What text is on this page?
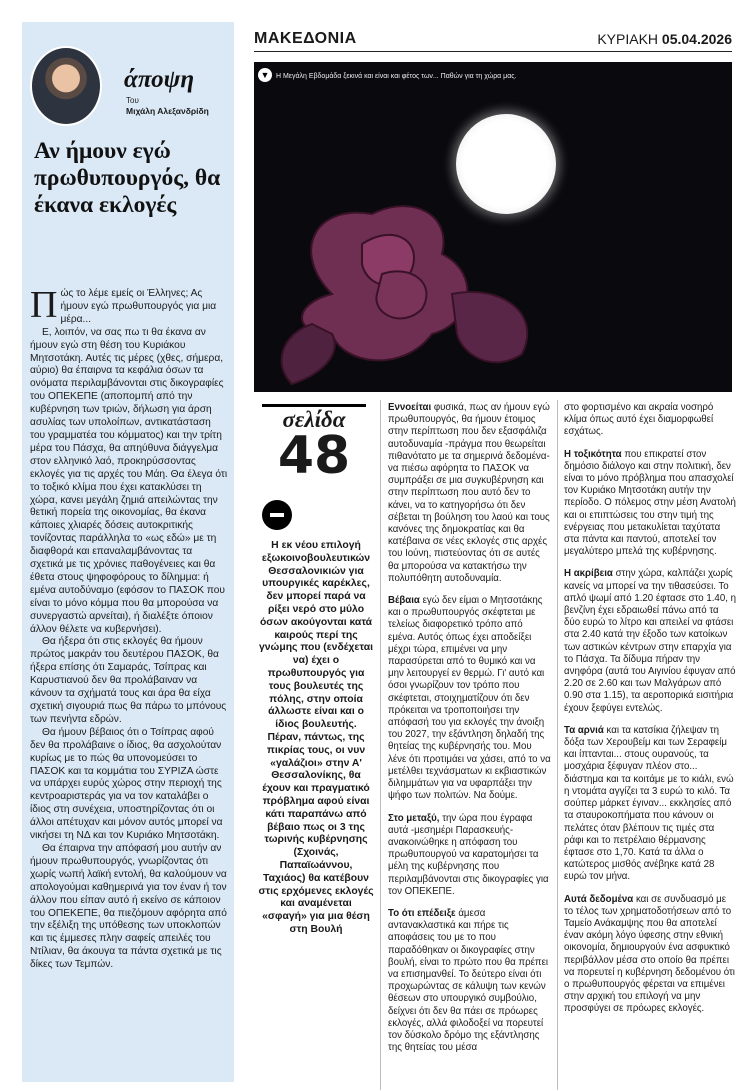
άποψη
Του
Μιχάλη Αλεξανδρίδη
Αν ήμουν εγώ πρωθυπουργός, θα έκανα εκλογές

Πώς το λέμε εμείς οι Έλληνες; Ας ήμουν εγώ πρωθυπουργός για μια μέρα...

Ε, λοιπόν, να σας πω τι θα έκανα αν ήμουν εγώ στη θέση του Κυριάκου Μητσοτάκη. Αυτές τις μέρες (χθες, σήμερα, αύριο) θα έπαιρνα τα κεφάλια όσων τα ονόματα περιλαμβάνονται στις δικογραφίες του ΟΠΕΚΕΠΕ (αποπομπή από την κυβέρνηση των τριών, δήλωση για άρση ασυλίας των υπολοίπων, αντικατάσταση του γραμματέα του κόμματος) και την τρίτη μέρα του Πάσχα, θα απηύθυνα διάγγελμα στον ελληνικό λαό, προκηρύσσοντας εκλογές για τις αρχές του Μάη. Θα έλεγα ότι το τοξικό κλίμα που έχει κατακλύσει τη χώρα, κανει μεγάλη ζημιά απειλώντας την θετική πορεία της οικονομίας, θα έκανα κάποιες χλιαρές δόσεις αυτοκριτικής τονίζοντας παράλληλα το «ως εδώ» με τη διαφθορά και επαναλαμβάνοντας τα σχετικά με τις χρόνιες παθογένειες και θα έθετα στους ψηφοφόρους το δίλημμα: ή εμένα αυτοδύναμο (εφόσον το ΠΑΣΟΚ που είναι το μόνο κόμμα που θα μπορούσα να συνεργαστώ αρνείται), ή διαλέξτε όποιον άλλον θέλετε να κυβερνήσει).

Θα ήξερα ότι στις εκλογές θα ήμουν πρώτος μακράν του δευτέρου ΠΑΣΟΚ, θα ήξερα επίσης ότι Σαμαράς, Τσίπρας και Καρυστιανού δεν θα προλάβαιναν να κάνουν τα σχήματά τους και άρα θα είχα σχετική σιγουριά πως θα πάρω το μπόνους των πενήντα εδρών.

Θα ήμουν βέβαιος ότι ο Τσίπρας αφού δεν θα προλάβαινε ο ίδιος, θα ασχολούταν κυρίως με το πώς θα υπονομεύσει το ΠΑΣΟΚ και τα κομμάτια του ΣΥΡΙΖΑ ώστε να υπάρχει ευρύς χώρος στην περιοχή της κεντροαριστεράς για να τον καταλάβει ο ίδιος στη συνέχεια, υποστηρίζοντας ότι οι άλλοι απέτυχαν και μόνον αυτός μπορεί να νικήσει τη ΝΔ και τον Κυριάκο Μητσοτάκη.

Θα έπαιρνα την απόφασή μου αυτήν αν ήμουν πρωθυπουργός, γνωρίζοντας ότι χωρίς νωπή λαϊκή εντολή, θα καλούμουν να απολογούμαι καθημερινά για τον έναν ή τον άλλον που είπαν αυτό ή εκείνο σε κάποιον του ΟΠΕΚΕΠΕ, θα πιεζόμουν αφόρητα από την εξέλιξη της υπόθεσης των υποκλοπών και τις έμμεσες πλην σαφείς απειλές του Ντίλιαν, θα άκουγα τα πάντα σχετικά με τις δίκες των Τεμπών.

ΜΑΚΕΔΟΝΙΑ	ΚΥΡΙΑΚΗ 05.04.2026
▼ Η Μεγάλη Εβδομάδα ξεκινά και είναι και φέτος των... Παθών για τη χώρα μας.
σελίδα
48
Η εκ νέου επιλογή εξωκοινοβουλευτικών Θεσσαλονικιών για υπουργικές καρέκλες, δεν μπορεί παρά να ρίξει νερό στο μύλο όσων ακούγονται κατά καιρούς περί της γνώμης που (ενδέχεται να) έχει ο πρωθυπουργός για τους βουλευτές της πόλης, στην οποία άλλωστε είναι και ο ίδιος βουλευτής. Πέραν, πάντως, της πικρίας τους, οι νυν «γαλάζιοι» στην Α' Θεσσαλονίκης, θα έχουν και πραγματικό πρόβλημα αφού είναι κάτι παραπάνω από βέβαιο πως οι 3 της τωρινής κυβέρνησης (Σχοινάς, Παπαϊωάννου, Ταχιάος) θα κατέβουν στις ερχόμενες εκλογές και αναμένεται «σφαγή» για μια θέση στη Βουλή

Εννοείται φυσικά, πως αν ήμουν εγώ πρωθυπουργός, θα ήμουν έτοιμος στην περίπτωση που δεν εξασφάλιζα αυτοδυναμία -πράγμα που θεωρείται πιθανότατο με τα σημερινά δεδομένα- να πιέσω αφόρητα το ΠΑΣΟΚ να συμπράξει σε μια συγκυβέρνηση και στην περίπτωση που αυτό δεν το κάνει, να το κατηγορήσω ότι δεν σέβεται τη βούληση του λαού και τους κανόνες της δημοκρατίας και θα κατέβαινα σε νέες εκλογές στις αρχές του Ιούνη, πιστεύοντας ότι σε αυτές θα μπορούσα να κατακτήσω την πολυπόθητη αυτοδυναμία.

Βέβαια εγώ δεν είμαι ο Μητσοτάκης και ο πρωθυπουργός σκέφτεται με τελείως διαφορετικό τρόπο από εμένα. Αυτός όπως έχει αποδείξει μέχρι τώρα, επιμένει να μην παρασύρεται από το θυμικό και να μην λειτουργεί εν θερμώ. Γι' αυτό και όσοι γνωρίζουν τον τρόπο που σκέφτεται, στοιχηματίζουν ότι δεν πρόκειται να τροποποιήσει την απόφασή του για εκλογές την άνοιξη του 2027, την εξάντληση δηλαδή της θητείας της κυβέρνησής του. Μου λένε ότι προτιμάει να χάσει, από το να μετέλθει τεχνάσματων κι εκβιαστικών διλημμάτων για να υφαρπάξει την ψήφο των πολιτών. Να δούμε.

Στο μεταξύ, την ώρα που έγραφα αυτά -μεσημέρι Παρασκευής- ανακοινώθηκε η απόφαση του πρωθυπουργού να καρατομήσει τα μέλη της κυβέρνησης που περιλαμβάνονται στις δικογραφίες για τον ΟΠΕΚΕΠΕ.

Το ότι επέδειξε άμεσα αντανακλαστικά και πήρε τις αποφάσεις του με το που παραδόθηκαν οι δικογραφίες στην βουλή, είναι το πρώτο που θα πρέπει να επισημανθεί. Το δεύτερο είναι ότι προχωρώντας σε κάλυψη των κενών θέσεων στο υπουργικό συμβούλιο, δείχνει ότι δεν θα πάει σε πρόωρες εκλογές, αλλά φιλοδοξεί να πορευτεί τον δύσκολο δρόμο της εξάντλησης της θητείας του μέσα

στο φορτισμένο και ακραία νοσηρό κλίμα όπως αυτό έχει διαμορφωθεί εσχάτως.

Η τοξικότητα που επικρατεί στον δημόσιο διάλογο και στην πολιτική, δεν είναι το μόνο πρόβλημα που απασχολεί τον Κυριάκο Μητσοτάκη αυτήν την περίοδο. Ο πόλεμος στην μέση Ανατολή και οι επιπτώσεις του στην τιμή της ενέργειας που μετακυλίεται ταχύτατα στα πάντα και παντού, αποτελεί τον μεγαλύτερο μπελά της κυβέρνησης.

Η ακρίβεια στην χώρα, καλπάζει χωρίς κανείς να μπορεί να την τιθασεύσει. Το απλό ψωμί από 1.20 έφτασε στο 1.40, η βενζίνη έχει εδραιωθεί πάνω από τα δύο ευρώ το λίτρο και απειλεί να φτάσει στα 2.40 κατά την έξοδο των κατοίκων των αστικών κέντρων στην επαρχία για το Πάσχα. Τα δίδυμα πήραν την ανηφόρα (αυτά του Αιγινίου έφυγαν από 2.20 σε 2.60 και των Μαλγάρων από 0.90 στα 1.15), τα αεροπορικά εισιτήρια έχουν ξεφύγει εντελώς.

Τα αρνιά και τα κατσίκια ζήλεψαν τη δόξα των Χερουβείμ και των Σεραφείμ και ίπτανται... στους ουρανούς, τα μοσχάρια ξέφυγαν πλέον στο... διάστημα και τα κοιτάμε με το κιάλι, ενώ η ντομάτα αγγίζει τα 3 ευρώ το κιλό. Τα σούπερ μάρκετ έγιναν... εκκλησίες από τα σταυροκοπήματα που κάνουν οι πελάτες όταν βλέπουν τις τιμές στα ράφι και το πετρέλαιο θέρμανσης έφτασε στο 1,70. Κατά τα άλλα ο κατώτερος μισθός ανέβηκε κατά 28 ευρώ τον μήνα.

Αυτά δεδομένα και σε συνδυασμό με το τέλος των χρηματοδοτήσεων από το Ταμείο Ανάκαμψης που θα αποτελεί έναν ακόμη λόγο ύφεσης στην εθνική οικονομία, δημιουργούν ένα ασφυκτικό περιβάλλον μέσα στο οποίο θα πρέπει να πορευτεί η κυβέρνηση δεδομένου ότι ο πρωθυπουργός φέρεται να επιμένει στην αρχική του επιλογή να μην προσφύγει σε πρόωρες εκλογές.
